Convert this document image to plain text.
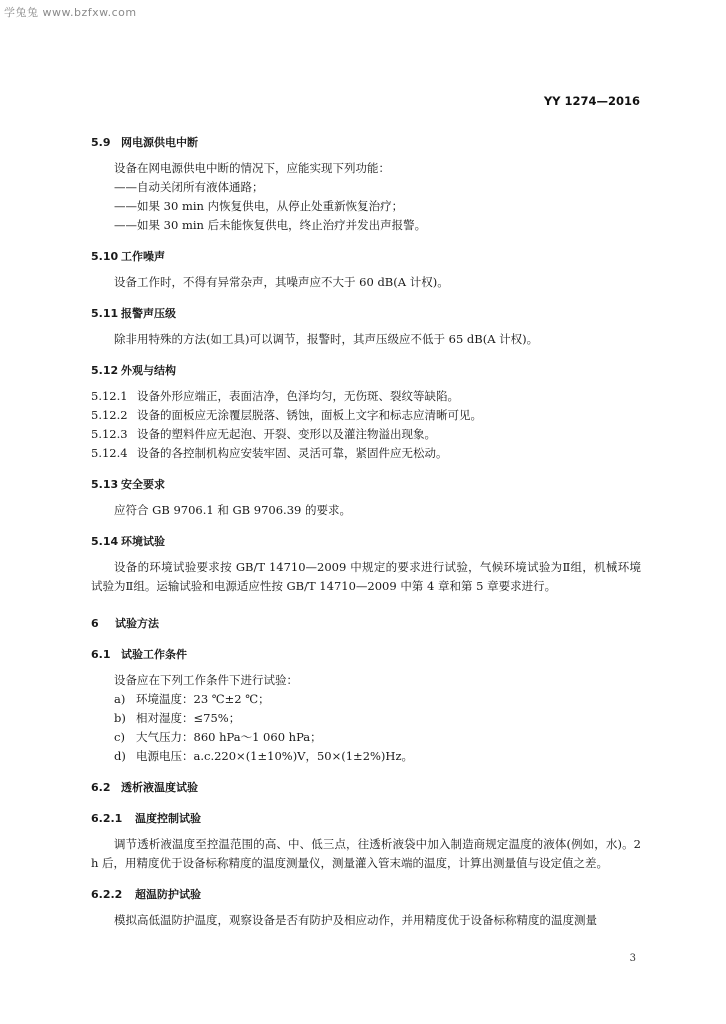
学兔兔 www.bzfxw.com
YY 1274—2016
5.9 网电源供电中断

设备在网电源供电中断的情况下，应能实现下列功能：

——自动关闭所有液体通路；

——如果 30 min 内恢复供电，从停止处重新恢复治疗；

——如果 30 min 后未能恢复供电，终止治疗并发出声报警。

5.10 工作噪声

设备工作时，不得有异常杂声，其噪声应不大于 60 dB(A 计权)。

5.11 报警声压级

除非用特殊的方法(如工具)可以调节，报警时，其声压级应不低于 65 dB(A 计权)。

5.12 外观与结构

5.12.1 设备外形应端正，表面洁净，色泽均匀，无伤斑、裂纹等缺陷。

5.12.2 设备的面板应无涂覆层脱落、锈蚀，面板上文字和标志应清晰可见。

5.12.3 设备的塑料件应无起泡、开裂、变形以及灌注物溢出现象。

5.12.4 设备的各控制机构应安装牢固、灵活可靠，紧固件应无松动。

5.13 安全要求

应符合 GB 9706.1 和 GB 9706.39 的要求。

5.14 环境试验

设备的环境试验要求按 GB/T 14710—2009 中规定的要求进行试验，气候环境试验为Ⅱ组，机械环境试验为Ⅱ组。运输试验和电源适应性按 GB/T 14710—2009 中第 4 章和第 5 章要求进行。

6 试验方法
6.1 试验工作条件

设备应在下列工作条件下进行试验：

a) 环境温度：23 ℃±2 ℃；

b) 相对湿度：≤75%；

c) 大气压力：860 hPa～1 060 hPa；

d) 电源电压：a.c.220×(1±10%)V，50×(1±2%)Hz。

6.2 透析液温度试验
6.2.1 温度控制试验

调节透析液温度至控温范围的高、中、低三点，往透析液袋中加入制造商规定温度的液体(例如，水)。2 h 后，用精度优于设备标称精度的温度测量仪，测量灌入管末端的温度，计算出测量值与设定值之差。

6.2.2 超温防护试验

模拟高低温防护温度，观察设备是否有防护及相应动作，并用精度优于设备标称精度的温度测量

3
